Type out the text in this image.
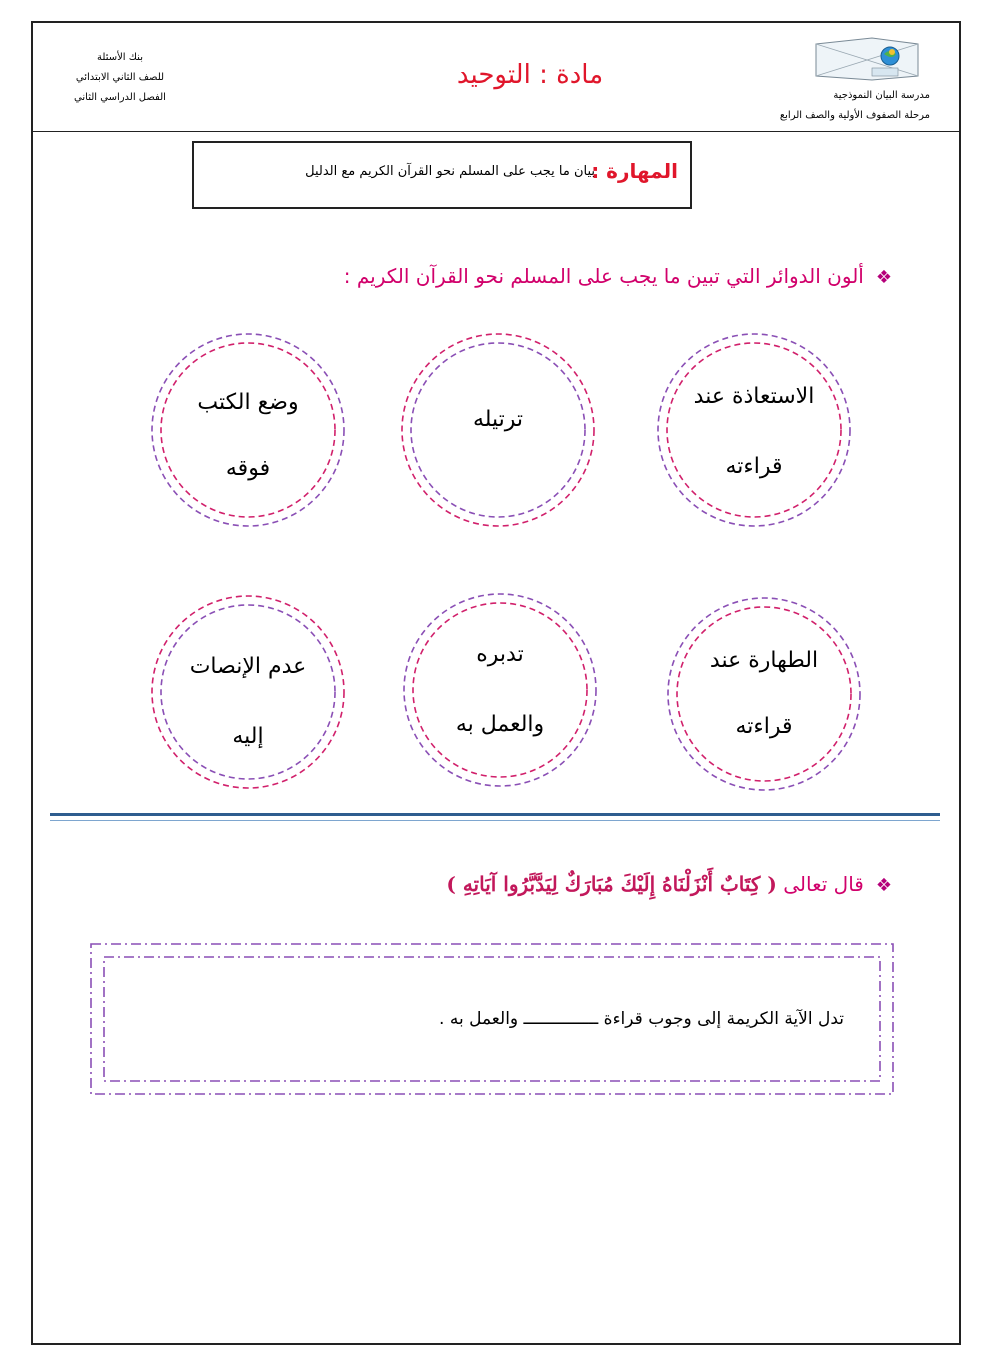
بنك الأسئلة
للصف الثاني الابتدائي
الفصل الدراسي الثاني
مادة : التوحيد
مدرسة البيان النموذجية
مرحلة الصفوف الأولية والصف الرابع
المهارة :
بيان ما يجب على المسلم نحو القرآن الكريم مع الدليل
❖ألون الدوائر التي تبين ما يجب على المسلم نحو القرآن الكريم :
الاستعاذة عند
قراءته
ترتيله
وضع الكتب
فوقه
الطهارة عند
قراءته
تدبره
والعمل به
عدم الإنصات
إليه
❖قال تعالى ( كِتَابٌ أَنْزَلْنَاهُ إِلَيْكَ مُبَارَكٌ لِيَدَّبَّرُوا آيَاتِهِ )
تدل الآية الكريمة إلى وجوب قراءة ـــــــــــــــ والعمل به .
